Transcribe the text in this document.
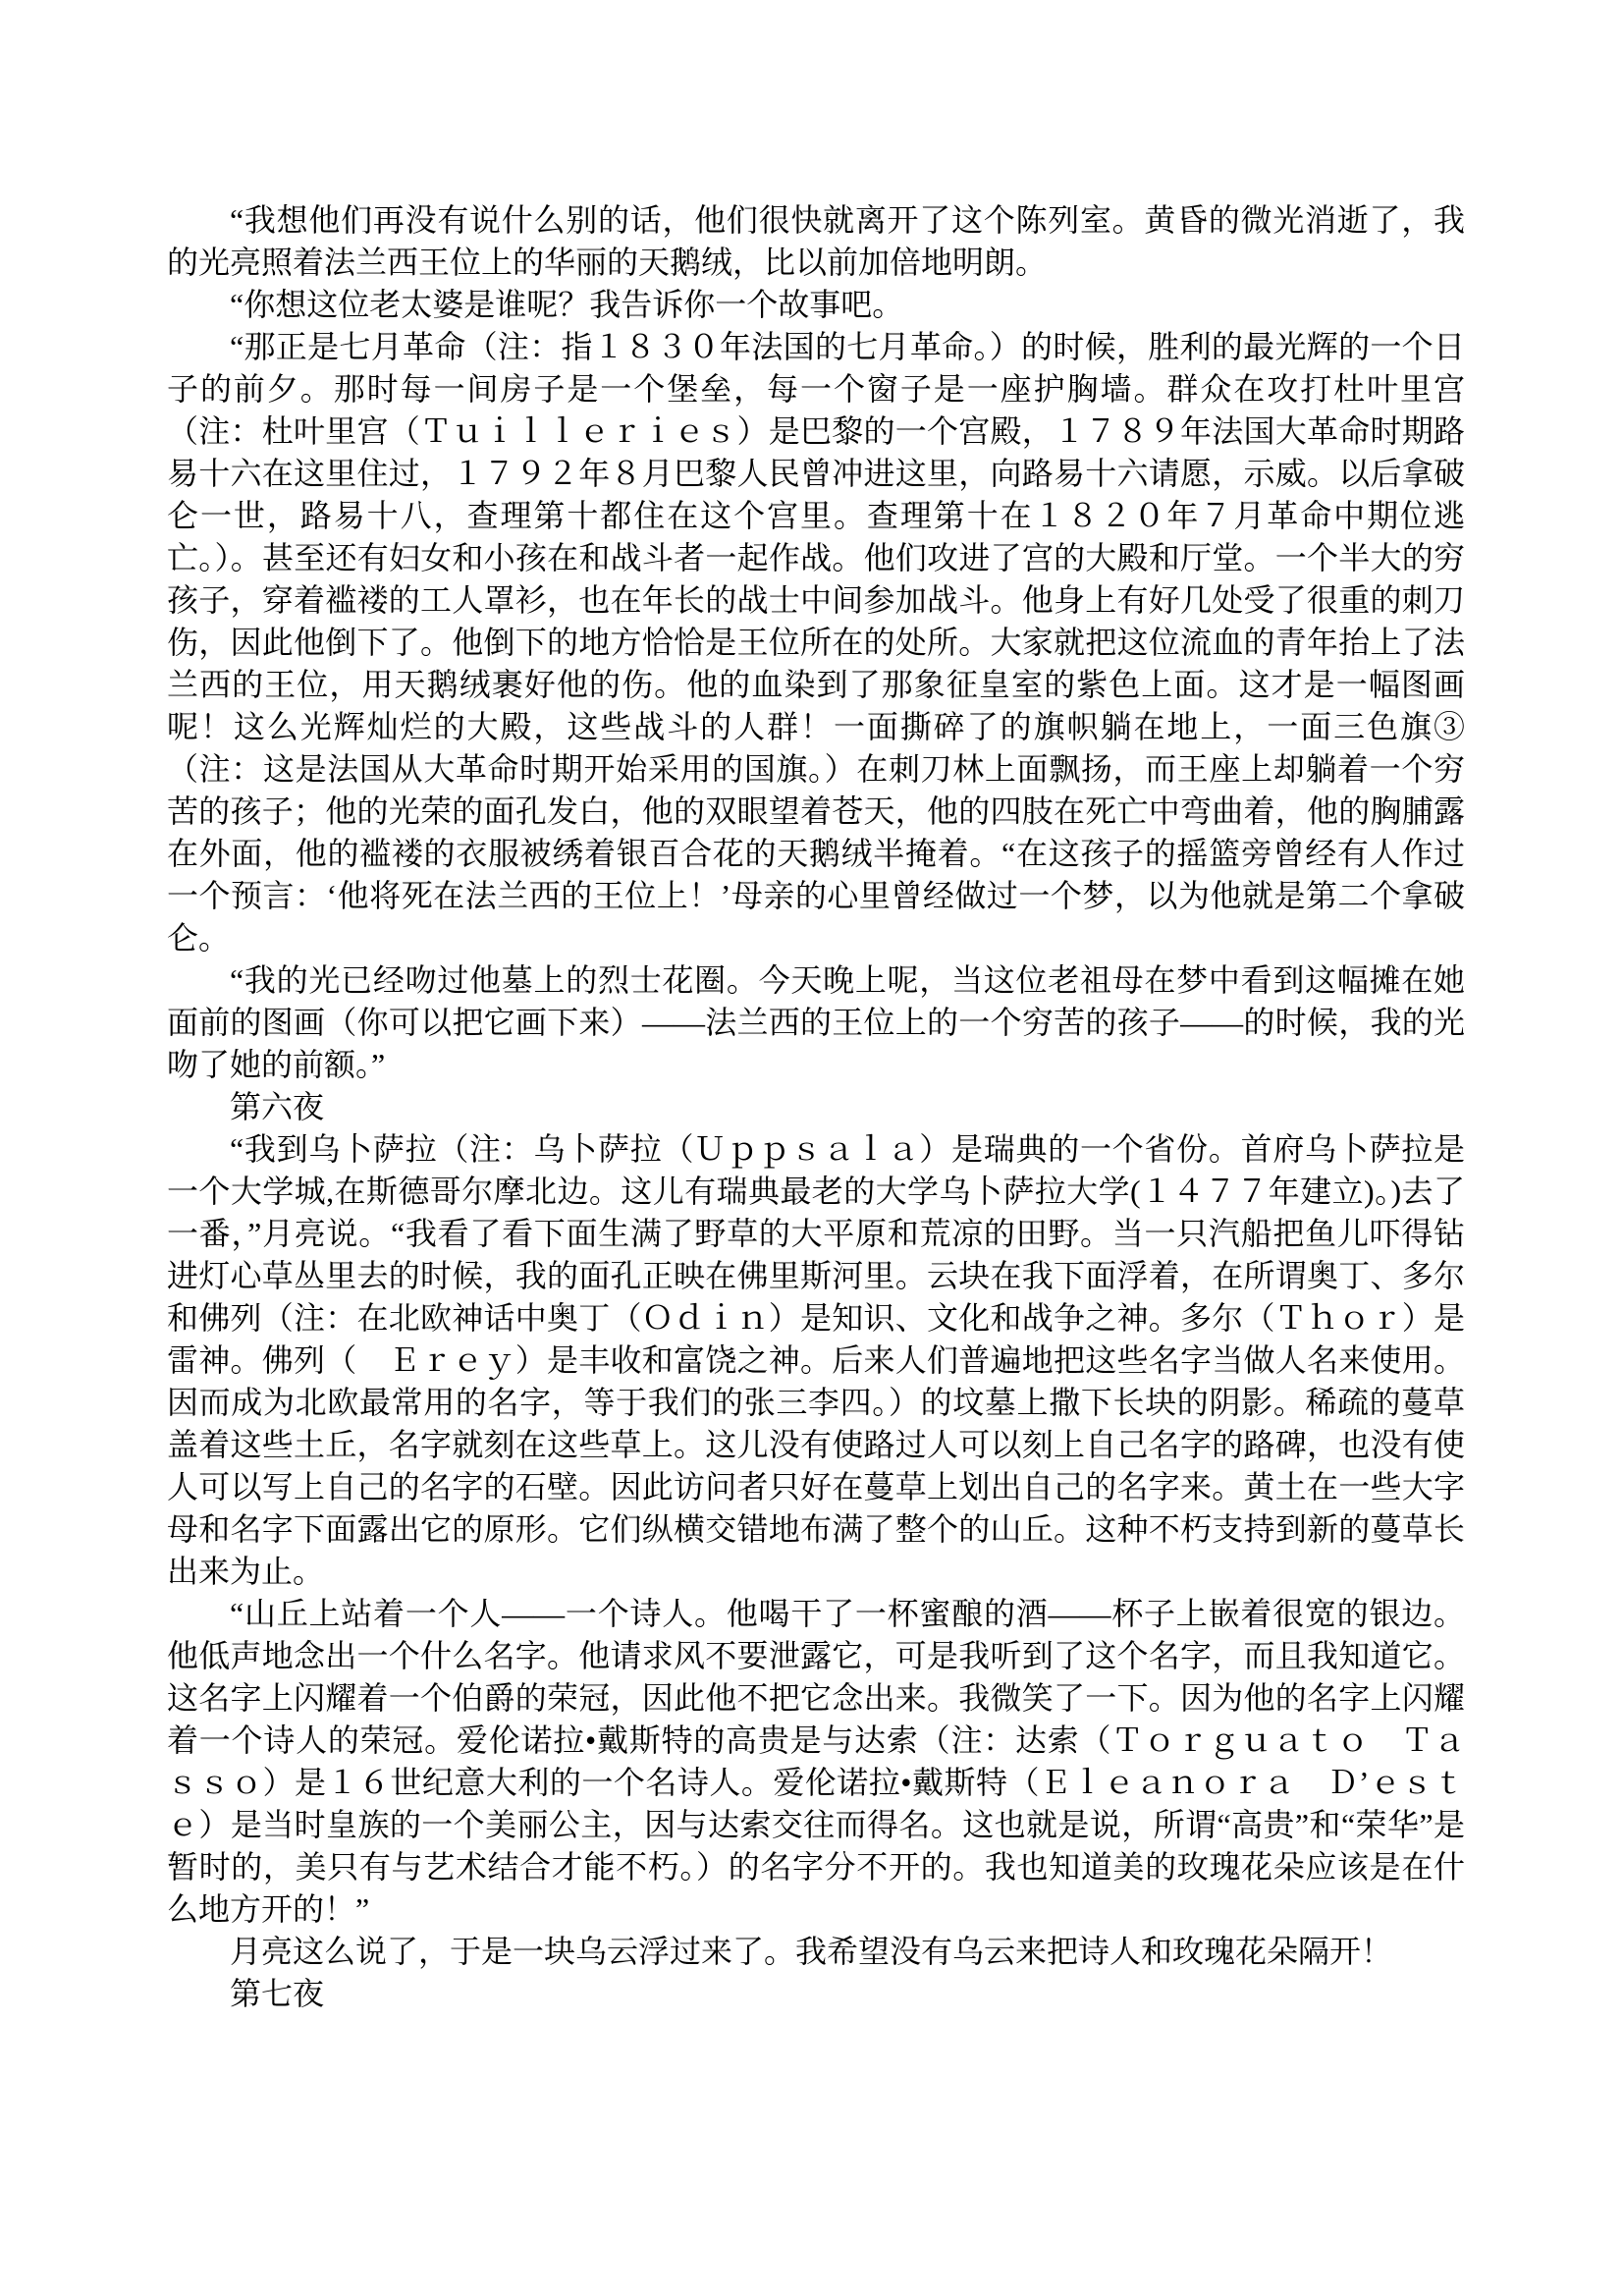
“我想他们再没有说什么别的话，他们很快就离开了这个陈列室。黄昏的微光消逝了，我的光亮照着法兰西王位上的华丽的天鹅绒，比以前加倍地明朗。

“你想这位老太婆是谁呢？我告诉你一个故事吧。

“那正是七月革命（注：指１８３０年法国的七月革命。）的时候，胜利的最光辉的一个日子的前夕。那时每一间房子是一个堡垒，每一个窗子是一座护胸墙。群众在攻打杜叶里宫（注：杜叶里宫（Ｔｕｉｌｌｅｒｉｅｓ）是巴黎的一个宫殿，１７８９年法国大革命时期路易十六在这里住过，１７９２年８月巴黎人民曾冲进这里，向路易十六请愿，示威。以后拿破仑一世，路易十八，查理第十都住在这个宫里。查理第十在１８２０年７月革命中期位逃亡。）。甚至还有妇女和小孩在和战斗者一起作战。他们攻进了宫的大殿和厅堂。一个半大的穷孩子，穿着褴褛的工人罩衫，也在年长的战士中间参加战斗。他身上有好几处受了很重的刺刀伤，因此他倒下了。他倒下的地方恰恰是王位所在的处所。大家就把这位流血的青年抬上了法兰西的王位，用天鹅绒裹好他的伤。他的血染到了那象征皇室的紫色上面。这才是一幅图画呢！这么光辉灿烂的大殿，这些战斗的人群！一面撕碎了的旗帜躺在地上，一面三色旗③（注：这是法国从大革命时期开始采用的国旗。）在刺刀林上面飘扬，而王座上却躺着一个穷苦的孩子；他的光荣的面孔发白，他的双眼望着苍天，他的四肢在死亡中弯曲着，他的胸脯露在外面，他的褴褛的衣服被绣着银百合花的天鹅绒半掩着。“在这孩子的摇篮旁曾经有人作过一个预言：‘他将死在法兰西的王位上！’母亲的心里曾经做过一个梦，以为他就是第二个拿破仑。

“我的光已经吻过他墓上的烈士花圈。今天晚上呢，当这位老祖母在梦中看到这幅摊在她面前的图画（你可以把它画下来）——法兰西的王位上的一个穷苦的孩子——的时候，我的光吻了她的前额。”

第六夜

“我到乌卜萨拉（注：乌卜萨拉（Ｕｐｐｓａｌａ）是瑞典的一个省份。首府乌卜萨拉是一个大学城,在斯德哥尔摩北边。这儿有瑞典最老的大学乌卜萨拉大学(１４７７年建立)。)去了一番，”月亮说。“我看了看下面生满了野草的大平原和荒凉的田野。当一只汽船把鱼儿吓得钻进灯心草丛里去的时候，我的面孔正映在佛里斯河里。云块在我下面浮着，在所谓奥丁、多尔和佛列（注：在北欧神话中奥丁（Ｏｄｉｎ）是知识、文化和战争之神。多尔（Ｔｈｏｒ）是雷神。佛列（　Ｅｒｅｙ）是丰收和富饶之神。后来人们普遍地把这些名字当做人名来使用。因而成为北欧最常用的名字，等于我们的张三李四。）的坟墓上撒下长块的阴影。稀疏的蔓草盖着这些土丘，名字就刻在这些草上。这儿没有使路过人可以刻上自己名字的路碑，也没有使人可以写上自己的名字的石壁。因此访问者只好在蔓草上划出自己的名字来。黄土在一些大字母和名字下面露出它的原形。它们纵横交错地布满了整个的山丘。这种不朽支持到新的蔓草长出来为止。

“山丘上站着一个人——一个诗人。他喝干了一杯蜜酿的酒——杯子上嵌着很宽的银边。他低声地念出一个什么名字。他请求风不要泄露它，可是我听到了这个名字，而且我知道它。这名字上闪耀着一个伯爵的荣冠，因此他不把它念出来。我微笑了一下。因为他的名字上闪耀着一个诗人的荣冠。爱伦诺拉•戴斯特的高贵是与达索（注：达索（Ｔｏｒｇｕａｔｏ　Ｔａｓｓｏ）是１６世纪意大利的一个名诗人。爱伦诺拉•戴斯特（Ｅｌｅａｎｏｒａ　Ｄ’ｅｓｔｅ）是当时皇族的一个美丽公主，因与达索交往而得名。这也就是说，所谓“高贵”和“荣华”是暂时的，美只有与艺术结合才能不朽。）的名字分不开的。我也知道美的玫瑰花朵应该是在什么地方开的！”

月亮这么说了，于是一块乌云浮过来了。我希望没有乌云来把诗人和玫瑰花朵隔开！

第七夜
